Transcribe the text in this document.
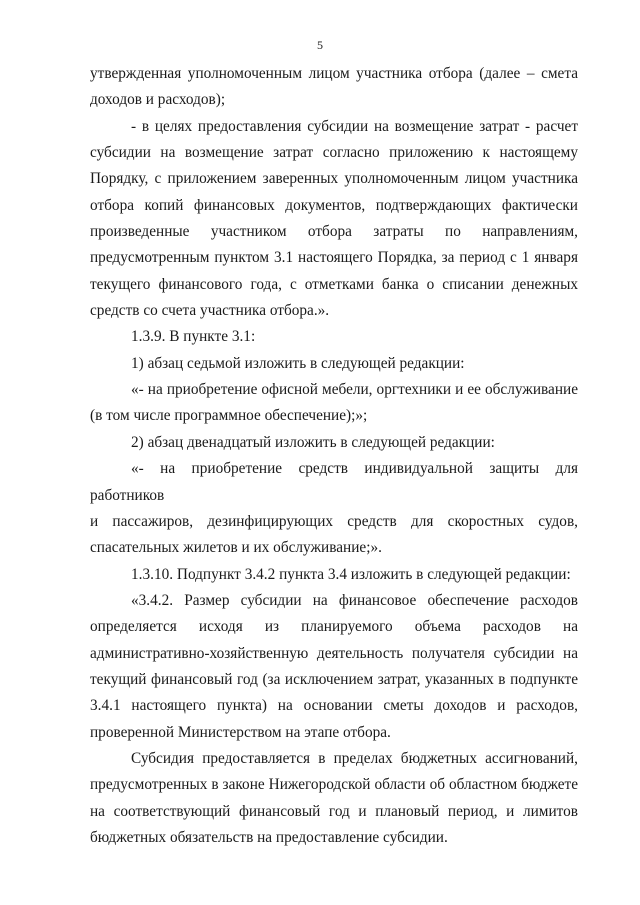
5

утвержденная уполномоченным лицом участника отбора (далее – смета

доходов и расходов);

- в целях предоставления субсидии на возмещение затрат - расчет

субсидии на возмещение затрат согласно приложению к настоящему

Порядку, с приложением заверенных уполномоченным лицом участника

отбора копий финансовых документов, подтверждающих фактически

произведенные участником отбора затраты по направлениям,

предусмотренным пунктом 3.1 настоящего Порядка, за период с 1 января

текущего финансового года, с отметками банка о списании денежных

средств со счета участника отбора.».

1.3.9. В пункте 3.1:

1) абзац седьмой изложить в следующей редакции:

«- на приобретение офисной мебели, оргтехники и ее обслуживание

(в том числе программное обеспечение);»;

2) абзац двенадцатый изложить в следующей редакции:

«- на приобретение средств индивидуальной защиты для работников

и пассажиров, дезинфицирующих средств для скоростных судов,

спасательных жилетов и их обслуживание;».

1.3.10. Подпункт 3.4.2 пункта 3.4 изложить в следующей редакции:

«3.4.2. Размер субсидии на финансовое обеспечение расходов

определяется исходя из планируемого объема расходов на

административно-хозяйственную деятельность получателя субсидии на

текущий финансовый год (за исключением затрат, указанных в подпункте

3.4.1 настоящего пункта) на основании сметы доходов и расходов,

проверенной Министерством на этапе отбора.

Субсидия предоставляется в пределах бюджетных ассигнований,

предусмотренных в законе Нижегородской области об областном бюджете

на соответствующий финансовый год и плановый период, и лимитов

бюджетных обязательств на предоставление субсидии.
